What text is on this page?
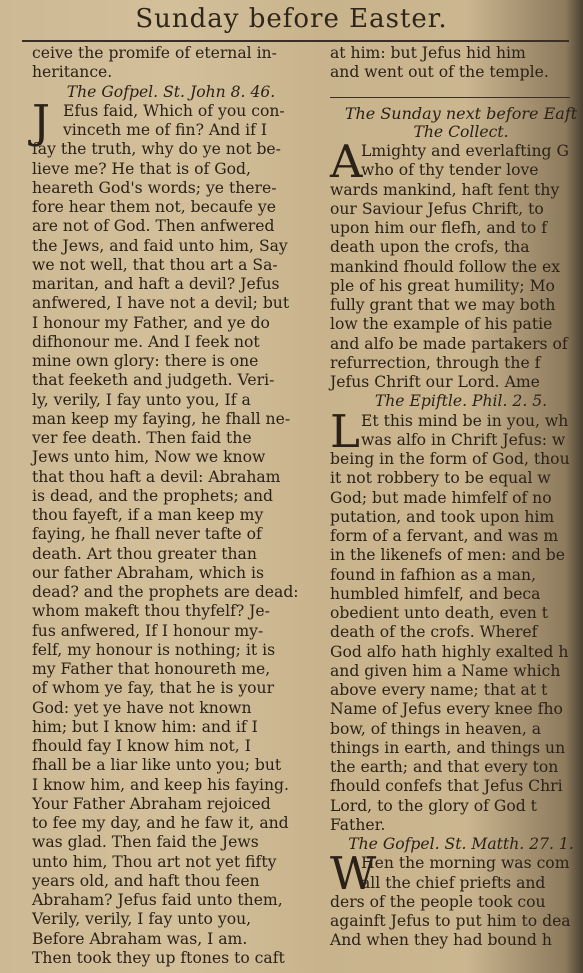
Sunday before Easter.
ceive the promife of eternal in-
heritance.
The Gofpel. St. John 8. 46.
J Efus faid, Which of you con-
vinceth me of fin? And if I
fay the truth, why do ye not be-
lieve me? He that is of God,
heareth God's words; ye there-
fore hear them not, becaufe ye
are not of God. Then anfwered
the Jews, and faid unto him, Say
we not well, that thou art a Sa-
maritan, and haft a devil? Jefus
anfwered, I have not a devil; but
I honour my Father, and ye do
difhonour me. And I feek not
mine own glory: there is one
that feeketh and judgeth. Veri-
ly, verily, I fay unto you, If a
man keep my faying, he fhall ne-
ver fee death. Then faid the
Jews unto him, Now we know
that thou haft a devil: Abraham
is dead, and the prophets; and
thou fayeft, if a man keep my
faying, he fhall never tafte of
death. Art thou greater than
our father Abraham, which is
dead? and the prophets are dead:
whom makeft thou thyfelf? Je-
fus anfwered, If I honour my-
felf, my honour is nothing; it is
my Father that honoureth me,
of whom ye fay, that he is your
God: yet ye have not known
him; but I know him: and if I
fhould fay I know him not, I
fhall be a liar like unto you; but
I know him, and keep his faying.
Your Father Abraham rejoiced
to fee my day, and he faw it, and
was glad. Then faid the Jews
unto him, Thou art not yet fifty
years old, and haft thou feen
Abraham? Jefus faid unto them,
Verily, verily, I fay unto you,
Before Abraham was, I am.
Then took they up ftones to caft
at him: but Jefus hid him
and went out of the temple.
The Sunday next before Eaft
The Collect.
A
Lmighty and everlafting G
who of thy tender love
wards mankind, haft fent thy
our Saviour Jefus Chrift, to
upon him our flefh, and to f
death upon the crofs, tha
mankind fhould follow the ex
ple of his great humility; Mo
fully grant that we may both
low the example of his patie
and alfo be made partakers of
refurrection, through the f
Jefus Chrift our Lord. Ame
The Epiftle. Phil. 2. 5.
L Et this mind be in you, wh
was alfo in Chrift Jefus: w
being in the form of God, thou
it not robbery to be equal w
God; but made himfelf of no
putation, and took upon him
form of a fervant, and was m
in the likenefs of men: and be
found in fafhion as a man,
humbled himfelf, and beca
obedient unto death, even t
death of the crofs. Wheref
God alfo hath highly exalted h
and given him a Name which
above every name; that at t
Name of Jefus every knee fho
bow, of things in heaven, a
things in earth, and things un
the earth; and that every ton
fhould confefs that Jefus Chri
Lord, to the glory of God t
Father.
The Gofpel. St. Matth. 27. 1.
W
Hen the morning was com
all the chief priefts and
ders of the people took cou
againft Jefus to put him to dea
And when they had bound h
